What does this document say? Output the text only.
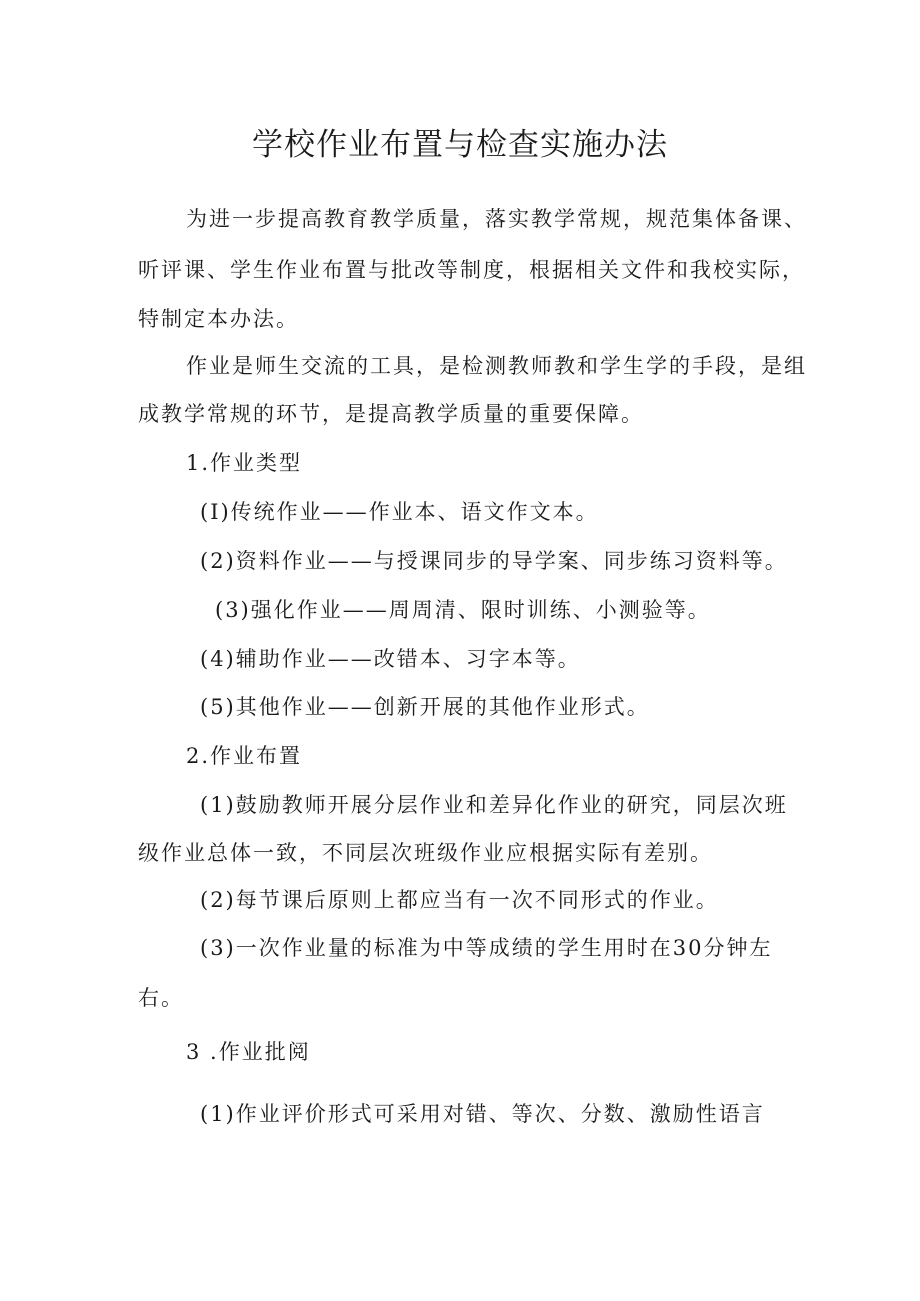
学校作业布置与检查实施办法
为进一步提高教育教学质量，落实教学常规，规范集体备课、
听评课、学生作业布置与批改等制度，根据相关文件和我校实际，
特制定本办法。
作业是师生交流的工具，是检测教师教和学生学的手段，是组
成教学常规的环节，是提高教学质量的重要保障。
1.作业类型
(I)传统作业——作业本、语文作文本。
(2)资料作业——与授课同步的导学案、同步练习资料等。
(3)强化作业——周周清、限时训练、小测验等。
(4)辅助作业——改错本、习字本等。
(5)其他作业——创新开展的其他作业形式。
2.作业布置
(1)鼓励教师开展分层作业和差异化作业的研究，同层次班
级作业总体一致，不同层次班级作业应根据实际有差别。
(2)每节课后原则上都应当有一次不同形式的作业。
(3)一次作业量的标准为中等成绩的学生用时在30分钟左
右。
3 .作业批阅
(1)作业评价形式可采用对错、等次、分数、激励性语言
